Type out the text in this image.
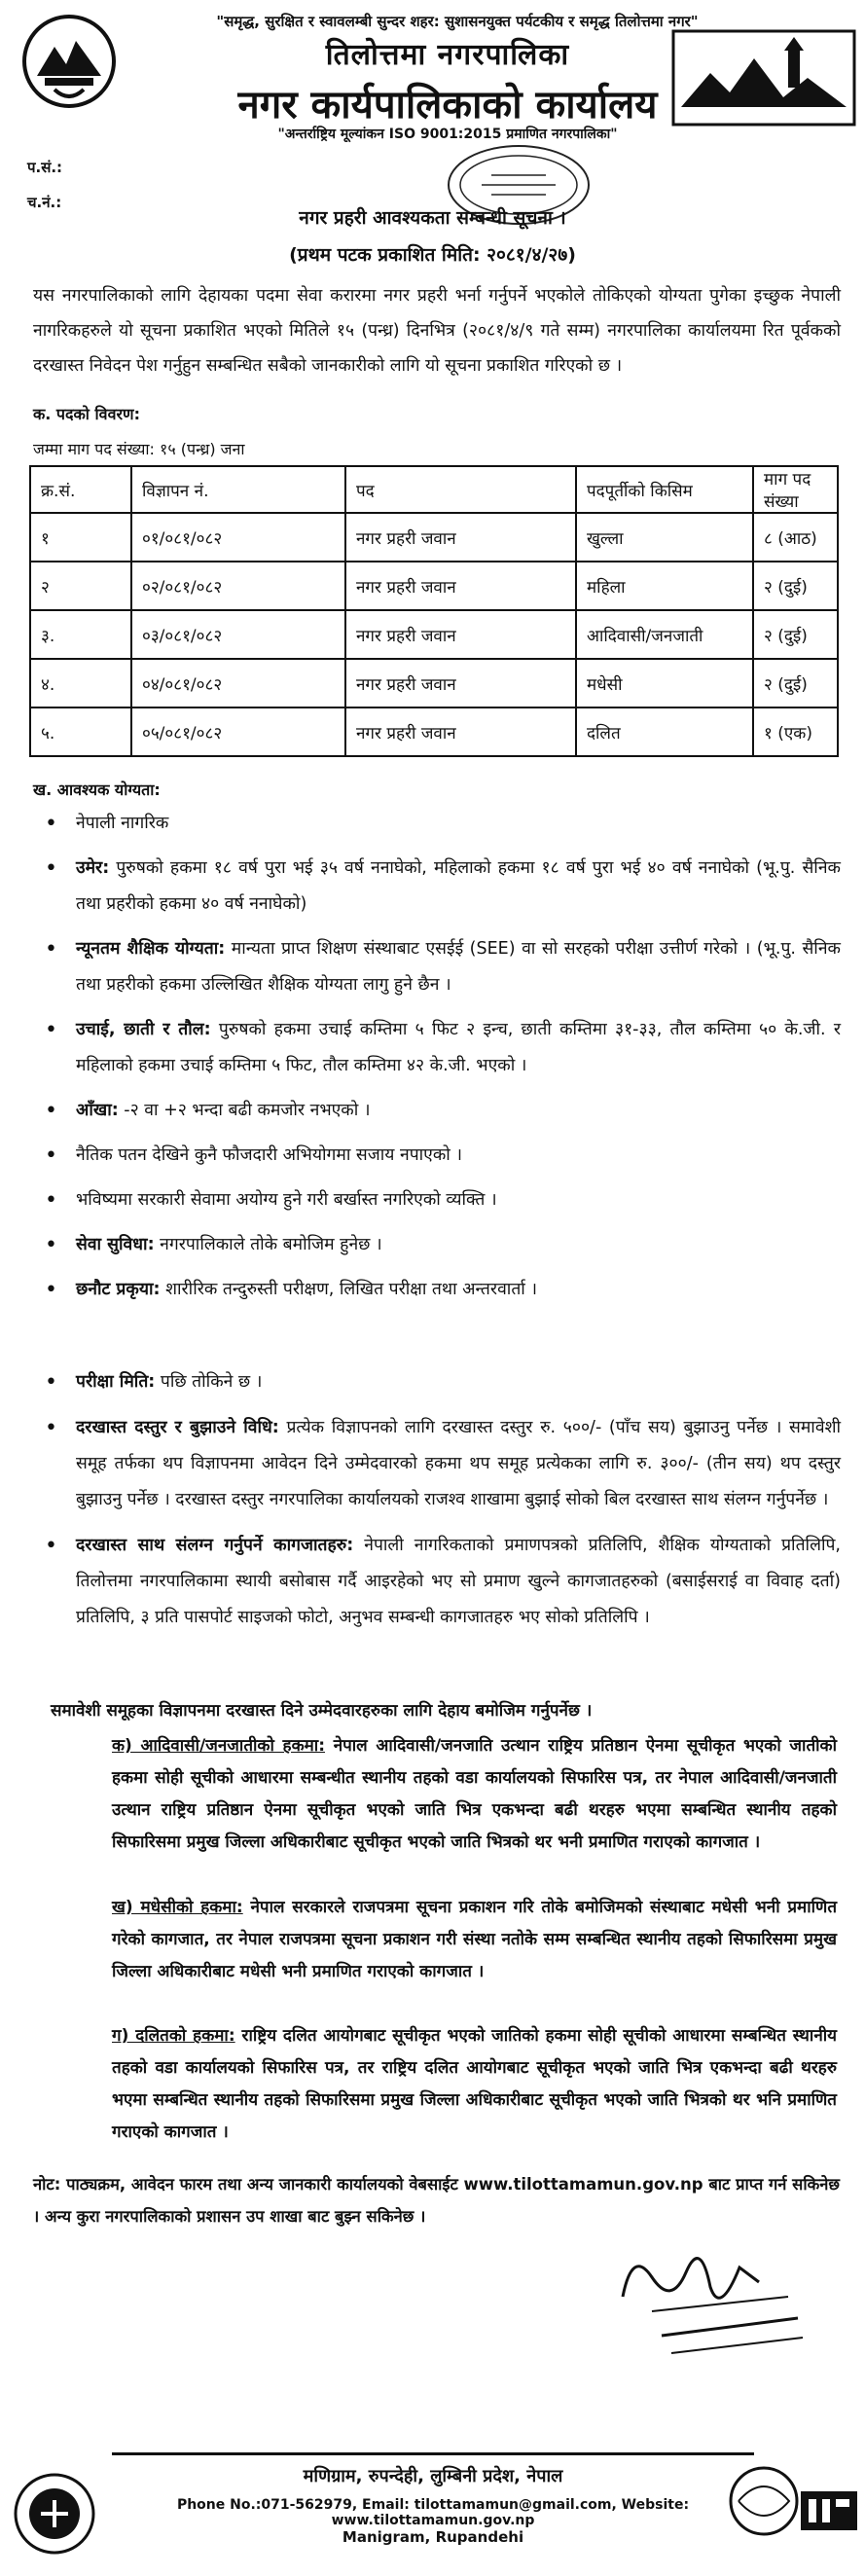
"समृद्ध, सुरक्षित र स्वावलम्बी सुन्दर शहर: सुशासनयुक्त पर्यटकीय र समृद्ध तिलोत्तमा नगर"
तिलोत्तमा नगरपालिका
नगर कार्यपालिकाको कार्यालय
"अन्तर्राष्ट्रिय मूल्यांकन ISO 9001:2015 प्रमाणित नगरपालिका"
प.सं.:
च.नं.:
नगर प्रहरी आवश्यकता सम्बन्धी सूचना ।
(प्रथम पटक प्रकाशित मिति: २०८१/४/२७)
यस नगरपालिकाको लागि देहायका पदमा सेवा करारमा नगर प्रहरी भर्ना गर्नुपर्ने भएकोले तोकिएको योग्यता पुगेका इच्छुक नेपाली नागरिकहरुले यो सूचना प्रकाशित भएको मितिले १५ (पन्ध्र) दिनभित्र (२०८१/४/९ गते सम्म) नगरपालिका कार्यालयमा रित पूर्वकको दरखास्त निवेदन पेश गर्नुहुन सम्बन्धित सबैको जानकारीको लागि यो सूचना प्रकाशित गरिएको छ ।
क. पदको विवरण:
जम्मा माग पद संख्या: १५ (पन्ध्र) जना
क्र.सं.	विज्ञापन नं.	पद	पदपूर्तीको किसिम	माग पद संख्या
१	०१/०८१/०८२	नगर प्रहरी जवान	खुल्ला	८ (आठ)
२	०२/०८१/०८२	नगर प्रहरी जवान	महिला	२ (दुई)
३.	०३/०८१/०८२	नगर प्रहरी जवान	आदिवासी/जनजाती	२ (दुई)
४.	०४/०८१/०८२	नगर प्रहरी जवान	मधेसी	२ (दुई)
५.	०५/०८१/०८२	नगर प्रहरी जवान	दलित	१ (एक)
ख. आवश्यक योग्यता:
• नेपाली नागरिक
• उमेर: पुरुषको हकमा १८ वर्ष पुरा भई ३५ वर्ष ननाघेको, महिलाको हकमा १८ वर्ष पुरा भई ४० वर्ष ननाघेको (भू.पु. सैनिक तथा प्रहरीको हकमा ४० वर्ष ननाघेको)
• न्यूनतम शैक्षिक योग्यता: मान्यता प्राप्त शिक्षण संस्थाबाट एसईई (SEE) वा सो सरहको परीक्षा उत्तीर्ण गरेको । (भू.पु. सैनिक तथा प्रहरीको हकमा उल्लिखित शैक्षिक योग्यता लागु हुने छैन ।
• उचाई, छाती र तौल: पुरुषको हकमा उचाई कम्तिमा ५ फिट २ इन्च, छाती कम्तिमा ३१-३३, तौल कम्तिमा ५० के.जी. र महिलाको हकमा उचाई कम्तिमा ५ फिट, तौल कम्तिमा ४२ के.जी. भएको ।
• आँखा: -२ वा +२ भन्दा बढी कमजोर नभएको ।
• नैतिक पतन देखिने कुनै फौजदारी अभियोगमा सजाय नपाएको ।
• भविष्यमा सरकारी सेवामा अयोग्य हुने गरी बर्खास्त नगरिएको व्यक्ति ।
• सेवा सुविधा: नगरपालिकाले तोके बमोजिम हुनेछ ।
• छनौट प्रकृया: शारीरिक तन्दुरुस्ती परीक्षण, लिखित परीक्षा तथा अन्तरवार्ता ।
• परीक्षा मिति: पछि तोकिने छ ।
• दरखास्त दस्तुर र बुझाउने विधि: प्रत्येक विज्ञापनको लागि दरखास्त दस्तुर रु. ५००/- (पाँच सय) बुझाउनु पर्नेछ । समावेशी समूह तर्फका थप विज्ञापनमा आवेदन दिने उम्मेदवारको हकमा थप समूह प्रत्येकका लागि रु. ३००/- (तीन सय) थप दस्तुर बुझाउनु पर्नेछ । दरखास्त दस्तुर नगरपालिका कार्यालयको राजश्व शाखामा बुझाई सोको बिल दरखास्त साथ संलग्न गर्नुपर्नेछ ।
• दरखास्त साथ संलग्न गर्नुपर्ने कागजातहरु: नेपाली नागरिकताको प्रमाणपत्रको प्रतिलिपि, शैक्षिक योग्यताको प्रतिलिपि, तिलोत्तमा नगरपालिकामा स्थायी बसोबास गर्दै आइरहेको भए सो प्रमाण खुल्ने कागजातहरुको (बसाईसराई वा विवाह दर्ता) प्रतिलिपि, ३ प्रति पासपोर्ट साइजको फोटो, अनुभव सम्बन्धी कागजातहरु भए सोको प्रतिलिपि ।
समावेशी समूहका विज्ञापनमा दरखास्त दिने उम्मेदवारहरुका लागि देहाय बमोजिम गर्नुपर्नेछ ।
क) आदिवासी/जनजातीको हकमा: नेपाल आदिवासी/जनजाति उत्थान राष्ट्रिय प्रतिष्ठान ऐनमा सूचीकृत भएको जातीको हकमा सोही सूचीको आधारमा सम्बन्धीत स्थानीय तहको वडा कार्यालयको सिफारिस पत्र, तर नेपाल आदिवासी/जनजाती उत्थान राष्ट्रिय प्रतिष्ठान ऐनमा सूचीकृत भएको जाति भित्र एकभन्दा बढी थरहरु भएमा सम्बन्धित स्थानीय तहको सिफारिसमा प्रमुख जिल्ला अधिकारीबाट सूचीकृत भएको जाति भित्रको थर भनी प्रमाणित गराएको कागजात ।
ख) मधेसीको हकमा: नेपाल सरकारले राजपत्रमा सूचना प्रकाशन गरि तोके बमोजिमको संस्थाबाट मधेसी भनी प्रमाणित गरेको कागजात, तर नेपाल राजपत्रमा सूचना प्रकाशन गरी संस्था नतोके सम्म सम्बन्धित स्थानीय तहको सिफारिसमा प्रमुख जिल्ला अधिकारीबाट मधेसी भनी प्रमाणित गराएको कागजात ।
ग) दलितको हकमा: राष्ट्रिय दलित आयोगबाट सूचीकृत भएको जातिको हकमा सोही सूचीको आधारमा सम्बन्धित स्थानीय तहको वडा कार्यालयको सिफारिस पत्र, तर राष्ट्रिय दलित आयोगबाट सूचीकृत भएको जाति भित्र एकभन्दा बढी थरहरु भएमा सम्बन्धित स्थानीय तहको सिफारिसमा प्रमुख जिल्ला अधिकारीबाट सूचीकृत भएको जाति भित्रको थर भनि प्रमाणित गराएको कागजात ।
नोट: पाठ्यक्रम, आवेदन फारम तथा अन्य जानकारी कार्यालयको वेबसाईट www.tilottamamun.gov.np बाट प्राप्त गर्न सकिनेछ । अन्य कुरा नगरपालिकाको प्रशासन उप शाखा बाट बुझ्न सकिनेछ ।
मणिग्राम, रुपन्देही, लुम्बिनी प्रदेश, नेपाल
Phone No.:071-562979, Email: tilottamamun@gmail.com, Website: www.tilottamamun.gov.np
Manigram, Rupandehi
